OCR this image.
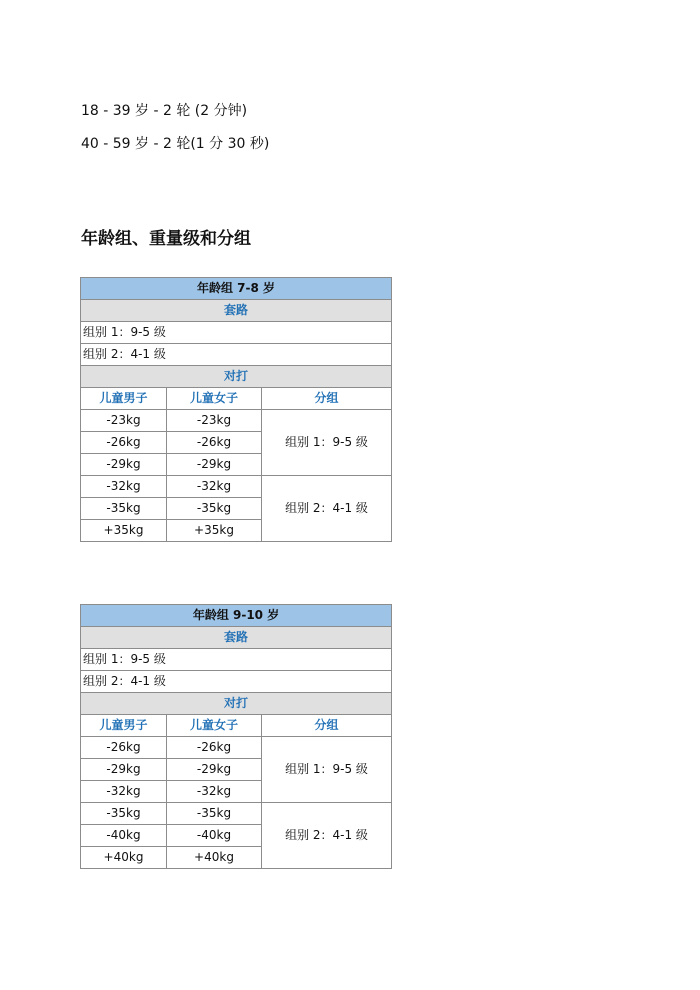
18 - 39 岁 - 2 轮 (2 分钟)
40 - 59 岁 - 2 轮(1 分 30 秒)
年龄组、重量级和分组
年龄组 7-8 岁		
套路		
组别 1：9-5 级		
组别 2：4-1 级		
对打		
儿童男子	儿童女子	分组
-23kg	-23kg	组别 1：9-5 级
-26kg	-26kg	
-29kg	-29kg	
-32kg	-32kg	组别 2：4-1 级
-35kg	-35kg	
+35kg	+35kg	
年龄组 9-10 岁		
套路		
组别 1：9-5 级		
组别 2：4-1 级		
对打		
儿童男子	儿童女子	分组
-26kg	-26kg	组别 1：9-5 级
-29kg	-29kg	
-32kg	-32kg	
-35kg	-35kg	组别 2：4-1 级
-40kg	-40kg	
+40kg	+40kg	
